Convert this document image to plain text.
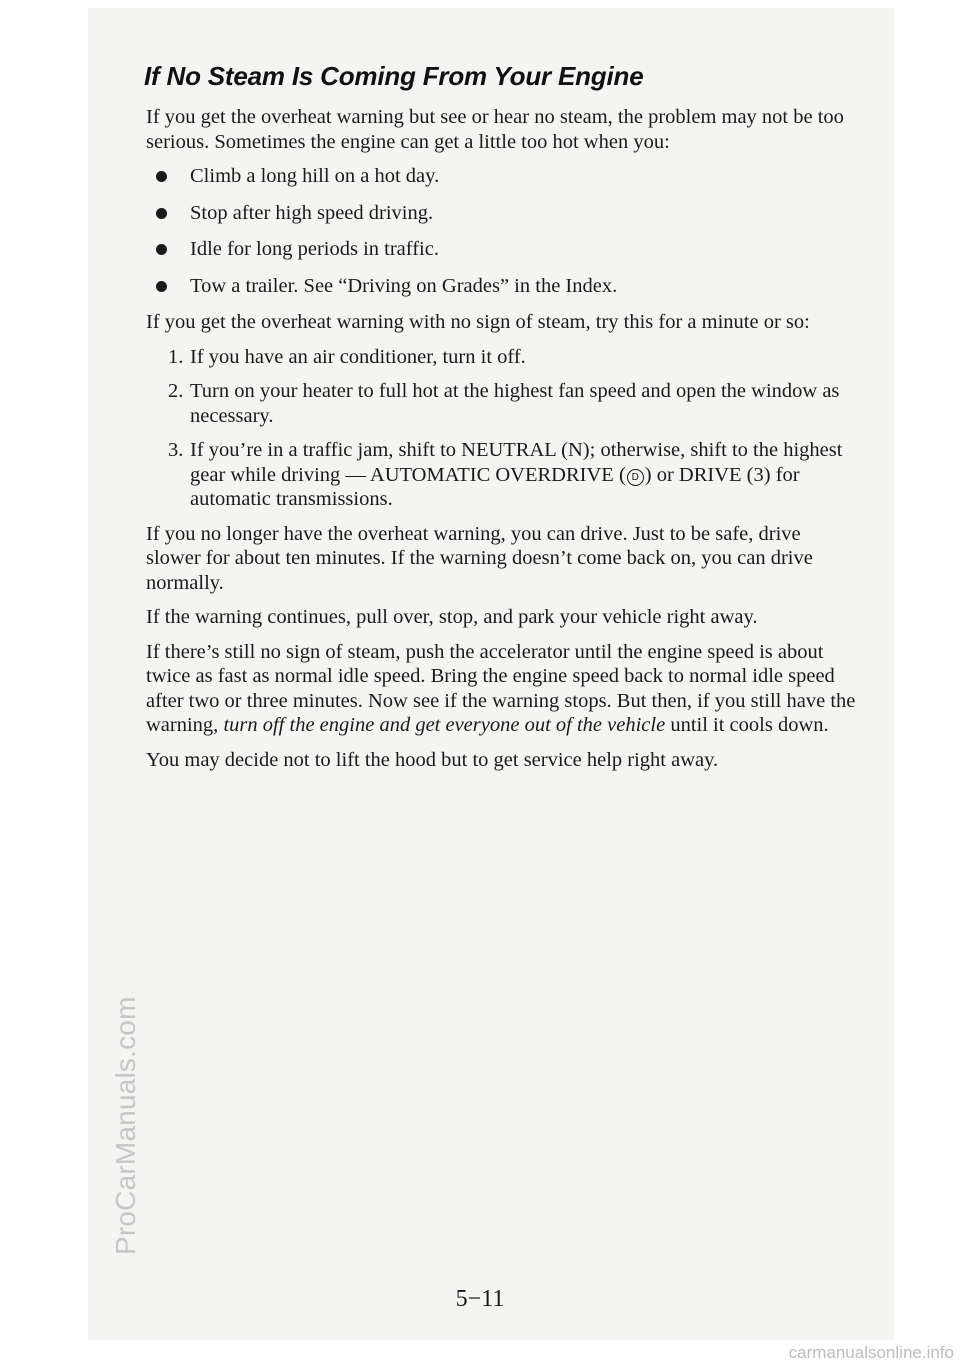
If No Steam Is Coming From Your Engine

If you get the overheat warning but see or hear no steam, the problem may not be too serious. Sometimes the engine can get a little too hot when you:

Climb a long hill on a hot day.
Stop after high speed driving.
Idle for long periods in traffic.
Tow a trailer. See “Driving on Grades” in the Index.

If you get the overheat warning with no sign of steam, try this for a minute or so:

1. If you have an air conditioner, turn it off.
2. Turn on your heater to full hot at the highest fan speed and open the window as necessary.
3. If you’re in a traffic jam, shift to NEUTRAL (N); otherwise, shift to the highest gear while driving — AUTOMATIC OVERDRIVE ( D ) or DRIVE (3) for automatic transmissions.

If you no longer have the overheat warning, you can drive. Just to be safe, drive slower for about ten minutes. If the warning doesn’t come back on, you can drive normally.

If the warning continues, pull over, stop, and park your vehicle right away.

If there’s still no sign of steam, push the accelerator until the engine speed is about twice as fast as normal idle speed. Bring the engine speed back to normal idle speed after two or three minutes. Now see if the warning stops. But then, if you still have the warning, turn off the engine and get everyone out of the vehicle until it cools down.

You may decide not to lift the hood but to get service help right away.

5−11
ProCarManuals.com
carmanualsonline.info
